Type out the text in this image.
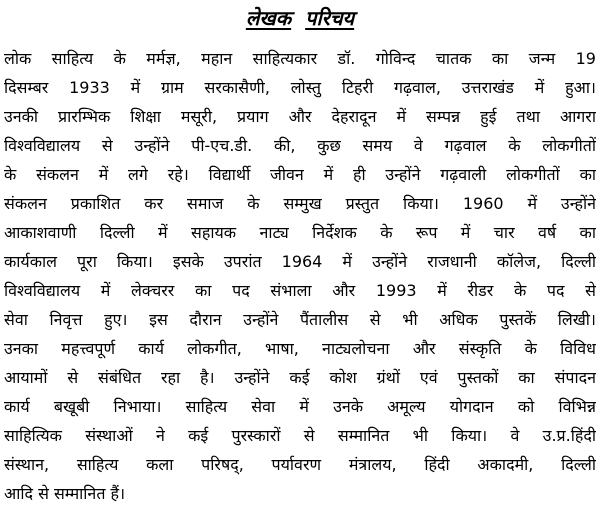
लेखक परिचय
लोक साहित्य के मर्मज्ञ, महान साहित्यकार डॉ. गोविन्द चातक का जन्म 19
दिसम्बर 1933 में ग्राम सरकासैणी, लोस्तु टिहरी गढ़वाल, उत्तराखंड में हुआ।
उनकी प्रारम्भिक शिक्षा मसूरी, प्रयाग और देहरादून में सम्पन्न हुई तथा आगरा
विश्वविद्यालय से उन्होंने पी-एच.डी. की, कुछ समय वे गढ़वाल के लोकगीतों
के संकलन में लगे रहे। विद्यार्थी जीवन में ही उन्होंने गढ़वाली लोकगीतों का
संकलन प्रकाशित कर समाज के सम्मुख प्रस्तुत किया। 1960 में उन्होंने
आकाशवाणी दिल्ली में सहायक नाट्य निर्देशक के रूप में चार वर्ष का
कार्यकाल पूरा किया। इसके उपरांत 1964 में उन्होंने राजधानी कॉलेज, दिल्ली
विश्वविद्यालय में लेक्चरर का पद संभाला और 1993 में रीडर के पद से
सेवा निवृत्त हुए। इस दौरान उन्होंने पैंतालीस से भी अधिक पुस्तकें लिखी।
उनका महत्त्वपूर्ण कार्य लोकगीत, भाषा, नाट्यलोचना और संस्कृति के विविध
आयामों से संबंधित रहा है। उन्होंने कई कोश ग्रंथों एवं पुस्तकों का संपादन
कार्य बखूबी निभाया। साहित्य सेवा में उनके अमूल्य योगदान को विभिन्न
साहित्यिक संस्थाओं ने कई पुरस्कारों से सम्मानित भी किया। वे उ.प्र.हिंदी
संस्थान, साहित्य कला परिषद्, पर्यावरण मंत्रालय, हिंदी अकादमी, दिल्ली
आदि से सम्मानित हैं।
